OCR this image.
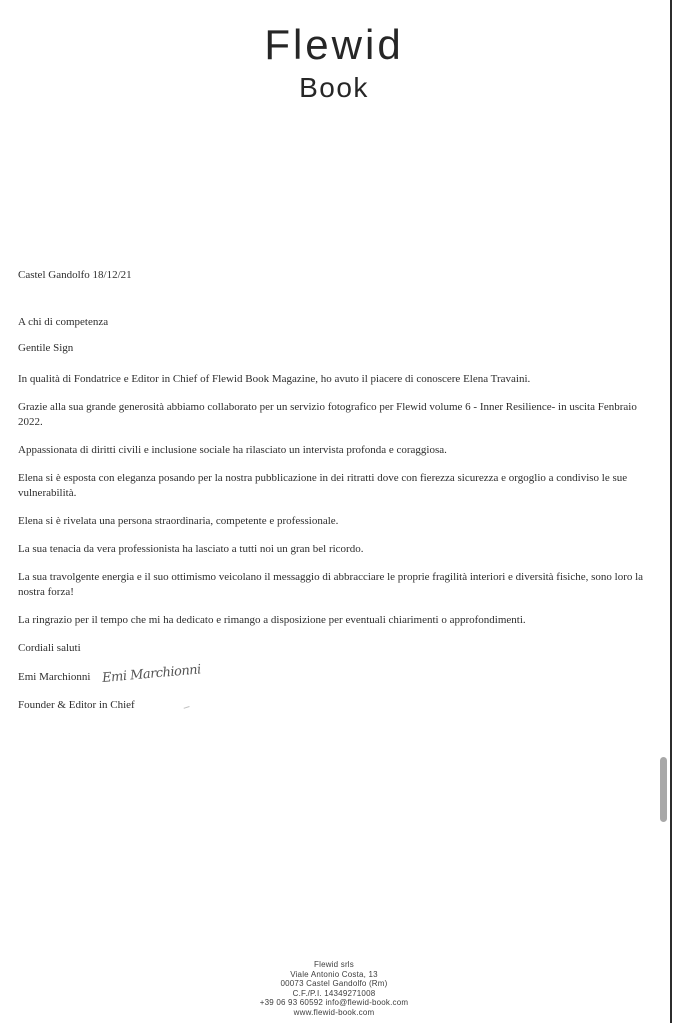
Flewid
Book

Castel Gandolfo 18/12/21

A chi di competenza

Gentile Sign

In qualità di Fondatrice e Editor in Chief of Flewid Book Magazine, ho avuto il piacere di conoscere Elena Travaini.

Grazie alla sua grande generosità abbiamo collaborato per un servizio fotografico per Flewid volume 6 - Inner Resilience- in uscita Fenbraio 2022.

Appassionata di diritti civili e inclusione sociale ha rilasciato un intervista profonda e coraggiosa.

Elena si è esposta con eleganza posando per la nostra pubblicazione in dei ritratti dove con fierezza sicurezza e orgoglio a condiviso le sue vulnerabilità.

Elena si è rivelata una persona straordinaria, competente e professionale.

La sua tenacia da vera professionista ha lasciato a tutti noi un gran bel ricordo.

La sua travolgente energia e il suo ottimismo veicolano il messaggio di abbracciare le proprie fragilità interiori e diversità fisiche, sono loro la nostra forza!

La ringrazio per il tempo che mi ha dedicato e rimango a disposizione per eventuali chiarimenti o approfondimenti.

Cordiali saluti

Emi Marchionni Emi Marchionni

Founder & Editor in Chief

Flewid srls
Viale Antonio Costa, 13
00073 Castel Gandolfo (Rm)
C.F./P.I. 14349271008
+39 06 93 60592 info@flewid-book.com
www.flewid-book.com
